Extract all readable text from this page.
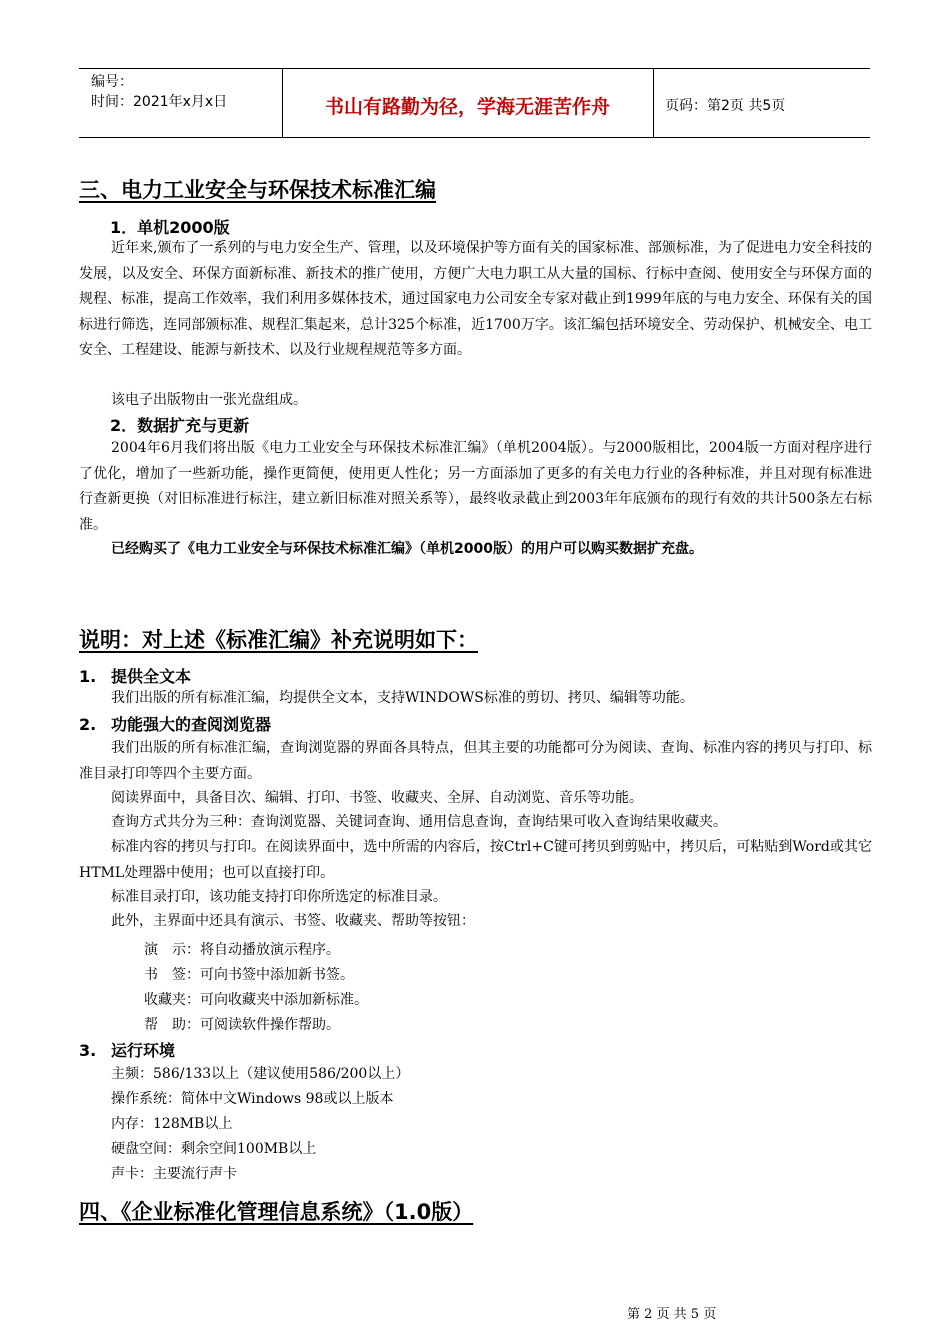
编号：
时间：2021年x月x日	书山有路勤为径，学海无涯苦作舟	页码：第2页 共5页
三、电力工业安全与环保技术标准汇编
1．单机2000版
近年来,颁布了一系列的与电力安全生产、管理，以及环境保护等方面有关的国家标准、部颁标准，为了促进电力安全科技的发展，以及安全、环保方面新标准、新技术的推广使用，方便广大电力职工从大量的国标、行标中查阅、使用安全与环保方面的规程、标准，提高工作效率，我们利用多媒体技术，通过国家电力公司安全专家对截止到1999年底的与电力安全、环保有关的国标进行筛选，连同部颁标准、规程汇集起来，总计325个标准，近1700万字。该汇编包括环境安全、劳动保护、机械安全、电工安全、工程建设、能源与新技术、以及行业规程规范等多方面。
该电子出版物由一张光盘组成。
2．数据扩充与更新
2004年6月我们将出版《电力工业安全与环保技术标准汇编》（单机2004版）。与2000版相比，2004版一方面对程序进行了优化，增加了一些新功能，操作更简便，使用更人性化；另一方面添加了更多的有关电力行业的各种标准，并且对现有标准进行查新更换（对旧标准进行标注，建立新旧标准对照关系等），最终收录截止到2003年年底颁布的现行有效的共计500条左右标准。
已经购买了《电力工业安全与环保技术标准汇编》（单机2000版）的用户可以购买数据扩充盘。
说明：对上述《标准汇编》补充说明如下：
1. 提供全文本
我们出版的所有标准汇编，均提供全文本，支持WINDOWS标准的剪切、拷贝、编辑等功能。
2. 功能强大的查阅浏览器
我们出版的所有标准汇编，查询浏览器的界面各具特点，但其主要的功能都可分为阅读、查询、标准内容的拷贝与打印、标准目录打印等四个主要方面。
阅读界面中，具备目次、编辑、打印、书签、收藏夹、全屏、自动浏览、音乐等功能。
查询方式共分为三种：查询浏览器、关键词查询、通用信息查询，查询结果可收入查询结果收藏夹。
标准内容的拷贝与打印。在阅读界面中，选中所需的内容后，按Ctrl+C键可拷贝到剪贴中，拷贝后，可粘贴到Word或其它HTML处理器中使用；也可以直接打印。
标准目录打印，该功能支持打印你所选定的标准目录。
此外，主界面中还具有演示、书签、收藏夹、帮助等按钮：
演　示：将自动播放演示程序。
书　签：可向书签中添加新书签。
收藏夹：可向收藏夹中添加新标准。
帮　助：可阅读软件操作帮助。
3. 运行环境
主频：586/133以上（建议使用586/200以上）
操作系统：简体中文Windows 98或以上版本
内存：128MB以上
硬盘空间：剩余空间100MB以上
声卡：主要流行声卡
四、《企业标准化管理信息系统》（1.0版）
第 2 页 共 5 页
